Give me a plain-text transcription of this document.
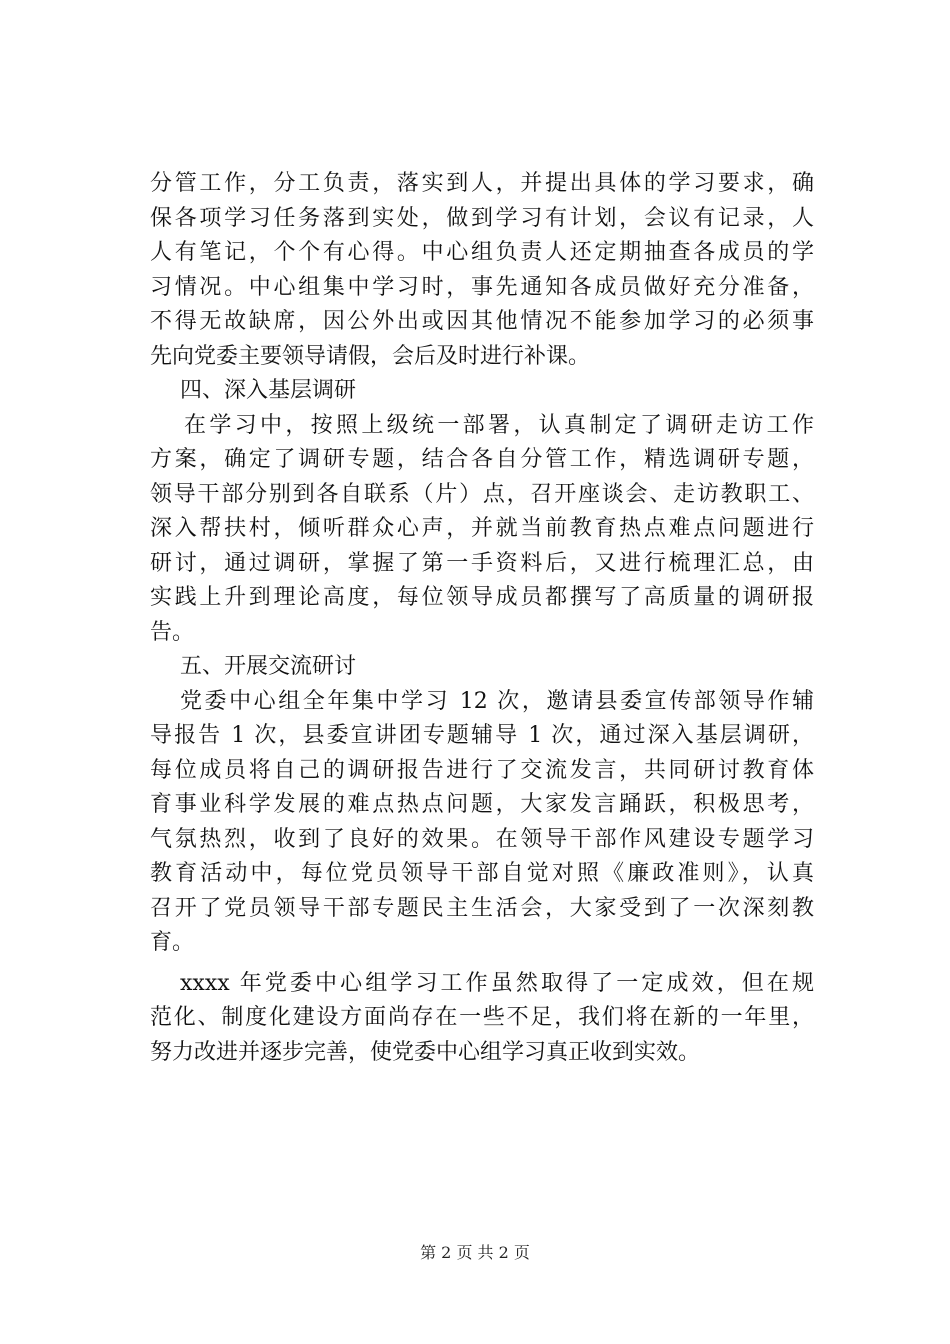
分管工作，分工负责，落实到人，并提出具体的学习要求，确
保各项学习任务落到实处，做到学习有计划，会议有记录，人
人有笔记，个个有心得。中心组负责人还定期抽查各成员的学
习情况。中心组集中学习时，事先通知各成员做好充分准备，
不得无故缺席，因公外出或因其他情况不能参加学习的必须事
先向党委主要领导请假，会后及时进行补课。
四、深入基层调研
在学习中，按照上级统一部署，认真制定了调研走访工作
方案，确定了调研专题，结合各自分管工作，精选调研专题，
领导干部分别到各自联系（片）点，召开座谈会、走访教职工、
深入帮扶村，倾听群众心声，并就当前教育热点难点问题进行
研讨，通过调研，掌握了第一手资料后，又进行梳理汇总，由
实践上升到理论高度，每位领导成员都撰写了高质量的调研报
告。
五、开展交流研讨
党委中心组全年集中学习 12 次，邀请县委宣传部领导作辅
导报告 1 次，县委宣讲团专题辅导 1 次，通过深入基层调研，
每位成员将自己的调研报告进行了交流发言，共同研讨教育体
育事业科学发展的难点热点问题，大家发言踊跃，积极思考，
气氛热烈，收到了良好的效果。在领导干部作风建设专题学习
教育活动中，每位党员领导干部自觉对照《廉政准则》，认真
召开了党员领导干部专题民主生活会，大家受到了一次深刻教
育。
xxxx 年党委中心组学习工作虽然取得了一定成效，但在规
范化、制度化建设方面尚存在一些不足，我们将在新的一年里，
努力改进并逐步完善，使党委中心组学习真正收到实效。
第 2 页 共 2 页
